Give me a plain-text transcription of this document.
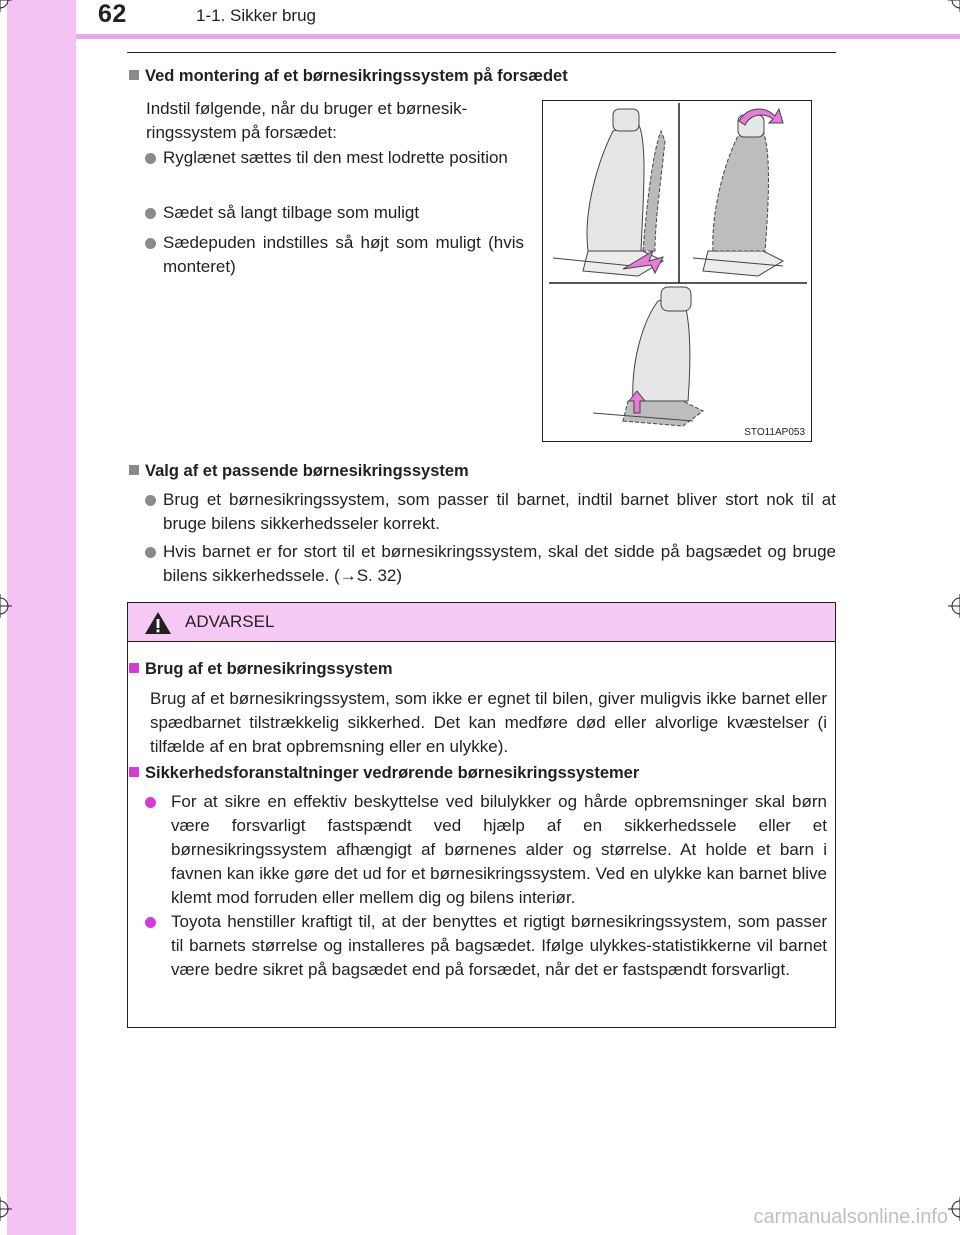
62	1-1. Sikker brug
Ved montering af et børnesikringssystem på forsædet
Indstil følgende, når du bruger et børnesik-
ringssystem på forsædet:
Ryglænet sættes til den mest lodrette position
Sædet så langt tilbage som muligt
Sædepuden indstilles så højt som muligt (hvis monteret)
STO11AP053
Valg af et passende børnesikringssystem
Brug et børnesikringssystem, som passer til barnet, indtil barnet bliver stort nok til at bruge bilens sikkerhedsseler korrekt.
Hvis barnet er for stort til et børnesikringssystem, skal det sidde på bagsædet og bruge bilens sikkerhedssele. (→S. 32)
ADVARSEL
Brug af et børnesikringssystem
Brug af et børnesikringssystem, som ikke er egnet til bilen, giver muligvis ikke barnet eller spædbarnet tilstrækkelig sikkerhed. Det kan medføre død eller alvorlige kvæstelser (i tilfælde af en brat opbremsning eller en ulykke).
Sikkerhedsforanstaltninger vedrørende børnesikringssystemer
For at sikre en effektiv beskyttelse ved bilulykker og hårde opbremsninger skal børn være forsvarligt fastspændt ved hjælp af en sikkerhedssele eller et børnesikringssystem afhængigt af børnenes alder og størrelse. At holde et barn i favnen kan ikke gøre det ud for et børnesikringssystem. Ved en ulykke kan barnet blive klemt mod forruden eller mellem dig og bilens interiør.
Toyota henstiller kraftigt til, at der benyttes et rigtigt børnesikringssystem, som passer til barnets størrelse og installeres på bagsædet. Ifølge ulykkes-statistikkerne vil barnet være bedre sikret på bagsædet end på forsædet, når det er fastspændt forsvarligt.
carmanualsonline.info
